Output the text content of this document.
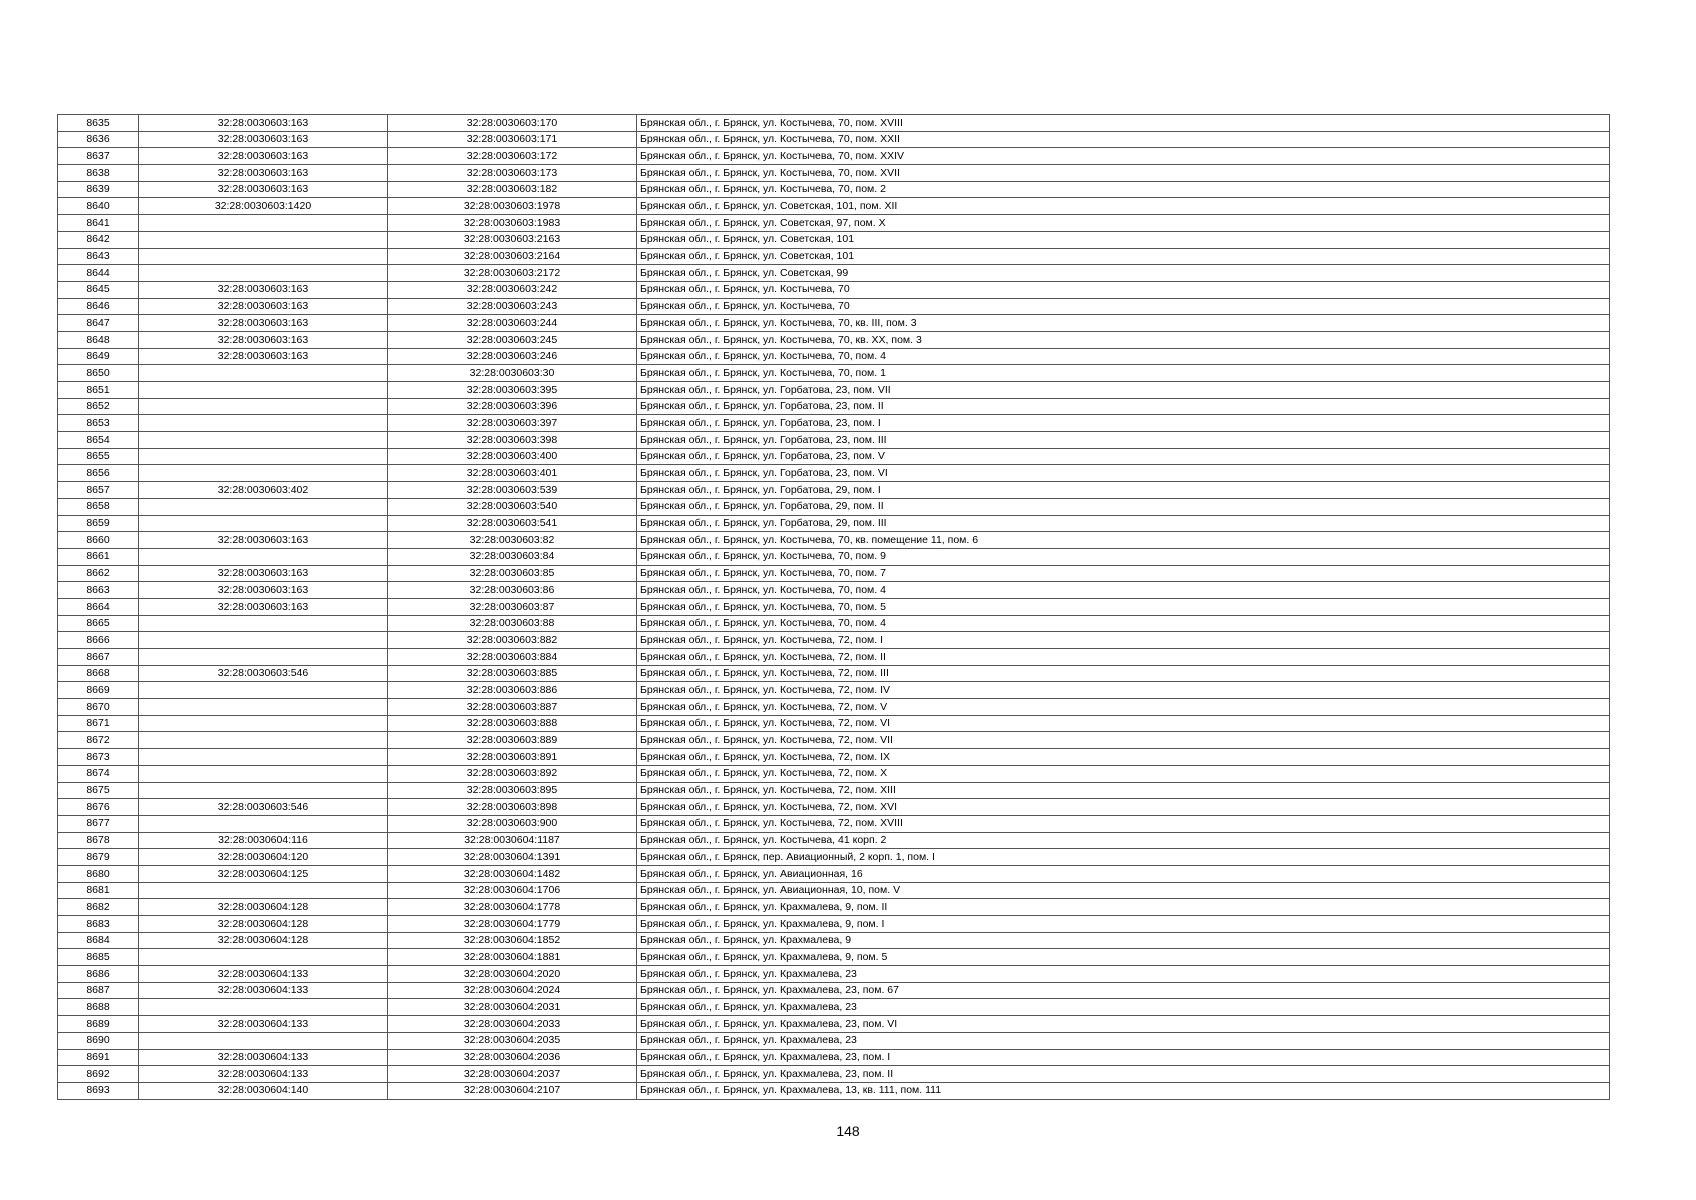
8635	32:28:0030603:163	32:28:0030603:170	Брянская обл., г. Брянск, ул. Костычева, 70, пом. XVIII
8636	32:28:0030603:163	32:28:0030603:171	Брянская обл., г. Брянск, ул. Костычева, 70, пом. XXII
8637	32:28:0030603:163	32:28:0030603:172	Брянская обл., г. Брянск, ул. Костычева, 70, пом. XXIV
8638	32:28:0030603:163	32:28:0030603:173	Брянская обл., г. Брянск, ул. Костычева, 70, пом. XVII
8639	32:28:0030603:163	32:28:0030603:182	Брянская обл., г. Брянск, ул. Костычева, 70, пом. 2
8640	32:28:0030603:1420	32:28:0030603:1978	Брянская обл., г. Брянск, ул. Советская, 101, пом. XII
8641		32:28:0030603:1983	Брянская обл., г. Брянск, ул. Советская, 97, пом. X
8642		32:28:0030603:2163	Брянская обл., г. Брянск, ул. Советская, 101
8643		32:28:0030603:2164	Брянская обл., г. Брянск, ул. Советская, 101
8644		32:28:0030603:2172	Брянская обл., г. Брянск, ул. Советская, 99
8645	32:28:0030603:163	32:28:0030603:242	Брянская обл., г. Брянск, ул. Костычева, 70
8646	32:28:0030603:163	32:28:0030603:243	Брянская обл., г. Брянск, ул. Костычева, 70
8647	32:28:0030603:163	32:28:0030603:244	Брянская обл., г. Брянск, ул. Костычева, 70, кв. III, пом. 3
8648	32:28:0030603:163	32:28:0030603:245	Брянская обл., г. Брянск, ул. Костычева, 70, кв. XX, пом. 3
8649	32:28:0030603:163	32:28:0030603:246	Брянская обл., г. Брянск, ул. Костычева, 70, пом. 4
8650		32:28:0030603:30	Брянская обл., г. Брянск, ул. Костычева, 70, пом. 1
8651		32:28:0030603:395	Брянская обл., г. Брянск, ул. Горбатова, 23, пом. VII
8652		32:28:0030603:396	Брянская обл., г. Брянск, ул. Горбатова, 23, пом. II
8653		32:28:0030603:397	Брянская обл., г. Брянск, ул. Горбатова, 23, пом. I
8654		32:28:0030603:398	Брянская обл., г. Брянск, ул. Горбатова, 23, пом. III
8655		32:28:0030603:400	Брянская обл., г. Брянск, ул. Горбатова, 23, пом. V
8656		32:28:0030603:401	Брянская обл., г. Брянск, ул. Горбатова, 23, пом. VI
8657	32:28:0030603:402	32:28:0030603:539	Брянская обл., г. Брянск, ул. Горбатова, 29, пом. I
8658		32:28:0030603:540	Брянская обл., г. Брянск, ул. Горбатова, 29, пом. II
8659		32:28:0030603:541	Брянская обл., г. Брянск, ул. Горбатова, 29, пом. III
8660	32:28:0030603:163	32:28:0030603:82	Брянская обл., г. Брянск, ул. Костычева, 70, кв. помещение 11, пом. 6
8661		32:28:0030603:84	Брянская обл., г. Брянск, ул. Костычева, 70, пом. 9
8662	32:28:0030603:163	32:28:0030603:85	Брянская обл., г. Брянск, ул. Костычева, 70, пом. 7
8663	32:28:0030603:163	32:28:0030603:86	Брянская обл., г. Брянск, ул. Костычева, 70, пом. 4
8664	32:28:0030603:163	32:28:0030603:87	Брянская обл., г. Брянск, ул. Костычева, 70, пом. 5
8665		32:28:0030603:88	Брянская обл., г. Брянск, ул. Костычева, 70, пом. 4
8666		32:28:0030603:882	Брянская обл., г. Брянск, ул. Костычева, 72, пом. I
8667		32:28:0030603:884	Брянская обл., г. Брянск, ул. Костычева, 72, пом. II
8668	32:28:0030603:546	32:28:0030603:885	Брянская обл., г. Брянск, ул. Костычева, 72, пом. III
8669		32:28:0030603:886	Брянская обл., г. Брянск, ул. Костычева, 72, пом. IV
8670		32:28:0030603:887	Брянская обл., г. Брянск, ул. Костычева, 72, пом. V
8671		32:28:0030603:888	Брянская обл., г. Брянск, ул. Костычева, 72, пом. VI
8672		32:28:0030603:889	Брянская обл., г. Брянск, ул. Костычева, 72, пом. VII
8673		32:28:0030603:891	Брянская обл., г. Брянск, ул. Костычева, 72, пом. IX
8674		32:28:0030603:892	Брянская обл., г. Брянск, ул. Костычева, 72, пом. X
8675		32:28:0030603:895	Брянская обл., г. Брянск, ул. Костычева, 72, пом. XIII
8676	32:28:0030603:546	32:28:0030603:898	Брянская обл., г. Брянск, ул. Костычева, 72, пом. XVI
8677		32:28:0030603:900	Брянская обл., г. Брянск, ул. Костычева, 72, пом. XVIII
8678	32:28:0030604:116	32:28:0030604:1187	Брянская обл., г. Брянск, ул. Костычева, 41 корп. 2
8679	32:28:0030604:120	32:28:0030604:1391	Брянская обл., г. Брянск, пер. Авиационный, 2 корп. 1, пом. I
8680	32:28:0030604:125	32:28:0030604:1482	Брянская обл., г. Брянск, ул. Авиационная, 16
8681		32:28:0030604:1706	Брянская обл., г. Брянск, ул. Авиационная, 10, пом. V
8682	32:28:0030604:128	32:28:0030604:1778	Брянская обл., г. Брянск, ул. Крахмалева, 9, пом. II
8683	32:28:0030604:128	32:28:0030604:1779	Брянская обл., г. Брянск, ул. Крахмалева, 9, пом. I
8684	32:28:0030604:128	32:28:0030604:1852	Брянская обл., г. Брянск, ул. Крахмалева, 9
8685		32:28:0030604:1881	Брянская обл., г. Брянск, ул. Крахмалева, 9, пом. 5
8686	32:28:0030604:133	32:28:0030604:2020	Брянская обл., г. Брянск, ул. Крахмалева, 23
8687	32:28:0030604:133	32:28:0030604:2024	Брянская обл., г. Брянск, ул. Крахмалева, 23, пом. 67
8688		32:28:0030604:2031	Брянская обл., г. Брянск, ул. Крахмалева, 23
8689	32:28:0030604:133	32:28:0030604:2033	Брянская обл., г. Брянск, ул. Крахмалева, 23, пом. VI
8690		32:28:0030604:2035	Брянская обл., г. Брянск, ул. Крахмалева, 23
8691	32:28:0030604:133	32:28:0030604:2036	Брянская обл., г. Брянск, ул. Крахмалева, 23, пом. I
8692	32:28:0030604:133	32:28:0030604:2037	Брянская обл., г. Брянск, ул. Крахмалева, 23, пом. II
8693	32:28:0030604:140	32:28:0030604:2107	Брянская обл., г. Брянск, ул. Крахмалева, 13, кв. 111, пом. 111
148
